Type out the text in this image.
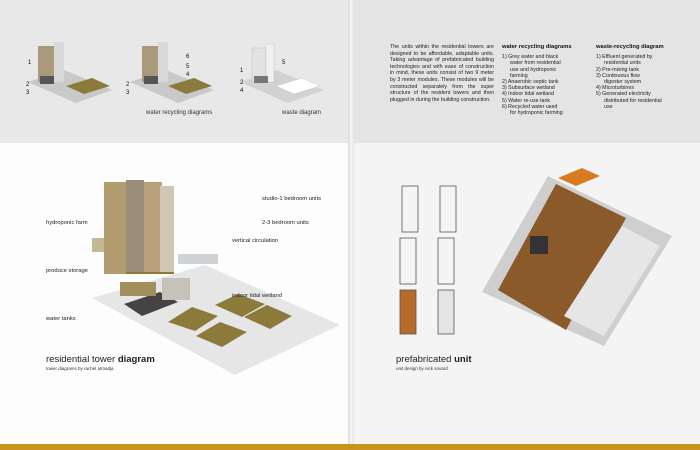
1
2
3
6
5
4
2
3
5
1
2
4
water recycling diagrams	waste diagram
The units within the residential towers are designed to be affordable, adaptable units. Taking advantage of prefabricated building technologies and with ease of construction in mind, these units consist of two 9 meter by 3 meter modules. These modules will be constructed separately from the super structure of the resident towers and then plugged in during the building construction.
water recycling diagrams
1) Grey water and black
water from residential
use and hydroponic
farming
2) Anaerobic septic tank
3) Subsurface wetland
4) Indoor tidal wetland
5) Water re-use tank
6) Recycled water used
for hydroponic farming
waste-recycling diagram
1) Effluent generated by
residential units
2) Pre-mixing tank
3) Continuous flow
digester system
4) Microturbines
5) Generated electricity
distributed for residential
use
studio-1 bedroom units
2-3 bedroom units
vertical circulation
hydroponic farm
produce storage
indoor tidal wetland
water tanks
residential tower diagram
tower diagrams by rachel atmadja
prefabricated unit
unit design by nick sovard
